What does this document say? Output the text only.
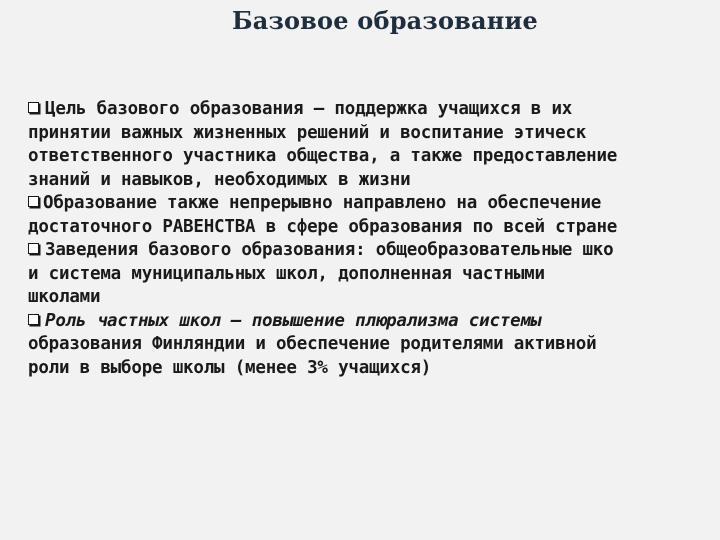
Базовое образование
Цель базового образования – поддержка учащихся в их
принятии важных жизненных решений и воспитание этическ
ответственного участника общества, а также предоставление
знаний и навыков, необходимых в жизни
Образование также непрерывно направлено на обеспечение
достаточного РАВЕНСТВА в сфере образования по всей стране
Заведения базового образования: общеобразовательные шко
и система муниципальных школ, дополненная частными
школами
Роль частных школ – повышение плюрализма системы
образования Финляндии и обеспечение родителями активной
роли в выборе школы (менее 3% учащихся)
